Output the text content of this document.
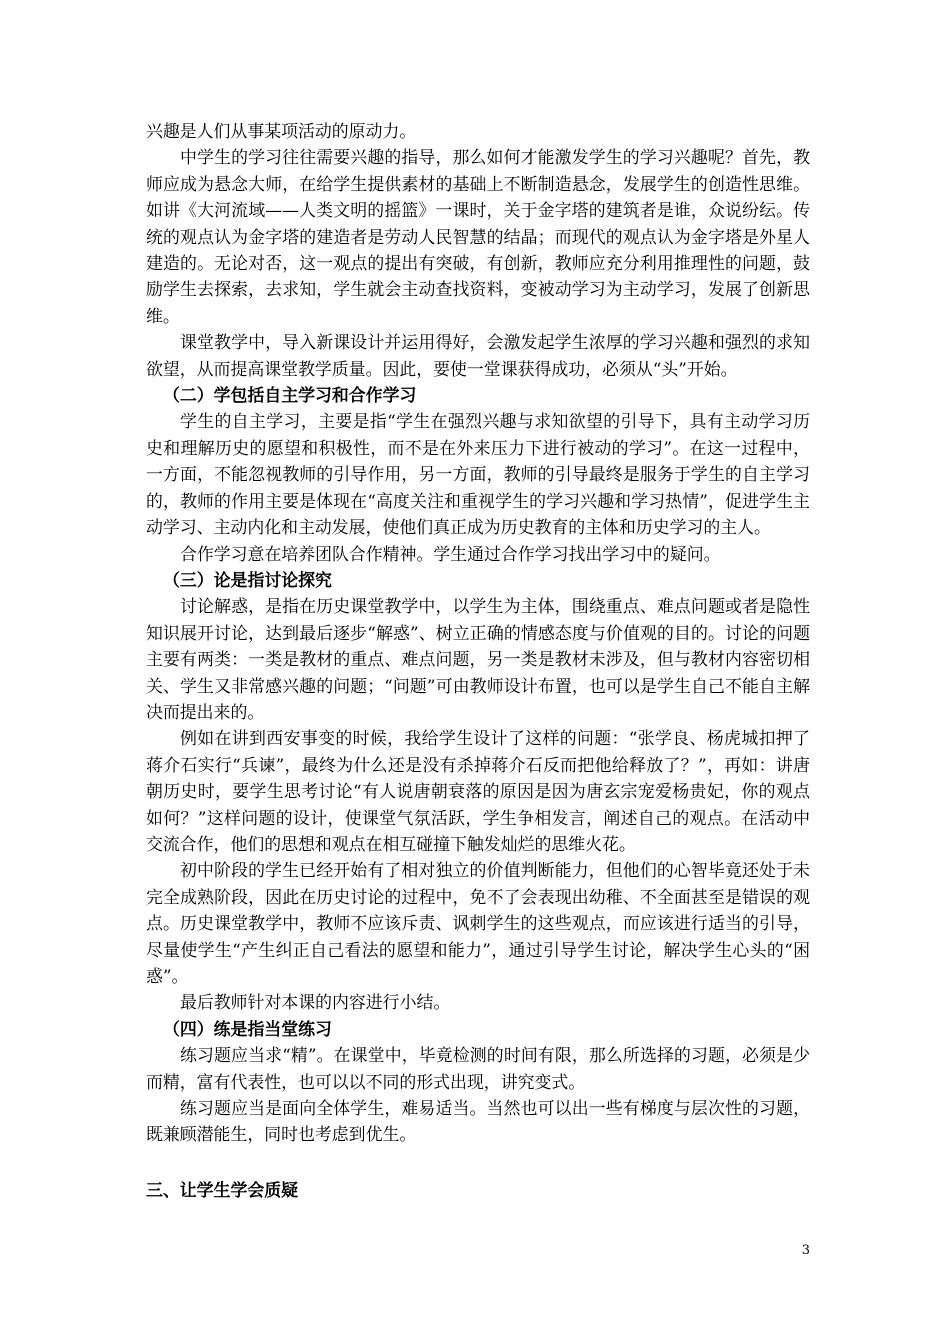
兴趣是人们从事某项活动的原动力。

中学生的学习往往需要兴趣的指导，那么如何才能激发学生的学习兴趣呢？首先，教师应成为悬念大师，在给学生提供素材的基础上不断制造悬念，发展学生的创造性思维。如讲《大河流域——人类文明的摇篮》一课时，关于金字塔的建筑者是谁，众说纷纭。传统的观点认为金字塔的建造者是劳动人民智慧的结晶；而现代的观点认为金字塔是外星人建造的。无论对否，这一观点的提出有突破，有创新，教师应充分利用推理性的问题，鼓励学生去探索，去求知，学生就会主动查找资料，变被动学习为主动学习，发展了创新思维。

课堂教学中，导入新课设计并运用得好，会激发起学生浓厚的学习兴趣和强烈的求知欲望，从而提高课堂教学质量。因此，要使一堂课获得成功，必须从“头”开始。

（二）学包括自主学习和合作学习

学生的自主学习，主要是指“学生在强烈兴趣与求知欲望的引导下，具有主动学习历史和理解历史的愿望和积极性，而不是在外来压力下进行被动的学习”。在这一过程中，一方面，不能忽视教师的引导作用，另一方面，教师的引导最终是服务于学生的自主学习的，教师的作用主要是体现在“高度关注和重视学生的学习兴趣和学习热情”，促进学生主动学习、主动内化和主动发展，使他们真正成为历史教育的主体和历史学习的主人。

合作学习意在培养团队合作精神。学生通过合作学习找出学习中的疑问。

（三）论是指讨论探究

讨论解惑，是指在历史课堂教学中，以学生为主体，围绕重点、难点问题或者是隐性知识展开讨论，达到最后逐步“解惑”、树立正确的情感态度与价值观的目的。讨论的问题主要有两类：一类是教材的重点、难点问题，另一类是教材未涉及，但与教材内容密切相关、学生又非常感兴趣的问题；“问题”可由教师设计布置，也可以是学生自己不能自主解决而提出来的。

例如在讲到西安事变的时候，我给学生设计了这样的问题：“张学良、杨虎城扣押了蒋介石实行“兵谏”，最终为什么还是没有杀掉蒋介石反而把他给释放了？”，再如：讲唐朝历史时，要学生思考讨论“有人说唐朝衰落的原因是因为唐玄宗宠爱杨贵妃，你的观点如何？”这样问题的设计，使课堂气氛活跃，学生争相发言，阐述自己的观点。在活动中交流合作，他们的思想和观点在相互碰撞下触发灿烂的思维火花。

初中阶段的学生已经开始有了相对独立的价值判断能力，但他们的心智毕竟还处于未完全成熟阶段，因此在历史讨论的过程中，免不了会表现出幼稚、不全面甚至是错误的观点。历史课堂教学中，教师不应该斥责、讽刺学生的这些观点，而应该进行适当的引导，尽量使学生“产生纠正自己看法的愿望和能力”，通过引导学生讨论，解决学生心头的“困惑”。

最后教师针对本课的内容进行小结。

（四）练是指当堂练习

练习题应当求“精”。在课堂中，毕竟检测的时间有限，那么所选择的习题，必须是少而精，富有代表性，也可以以不同的形式出现，讲究变式。

练习题应当是面向全体学生，难易适当。当然也可以出一些有梯度与层次性的习题，既兼顾潜能生，同时也考虑到优生。

三、让学生学会质疑

3
